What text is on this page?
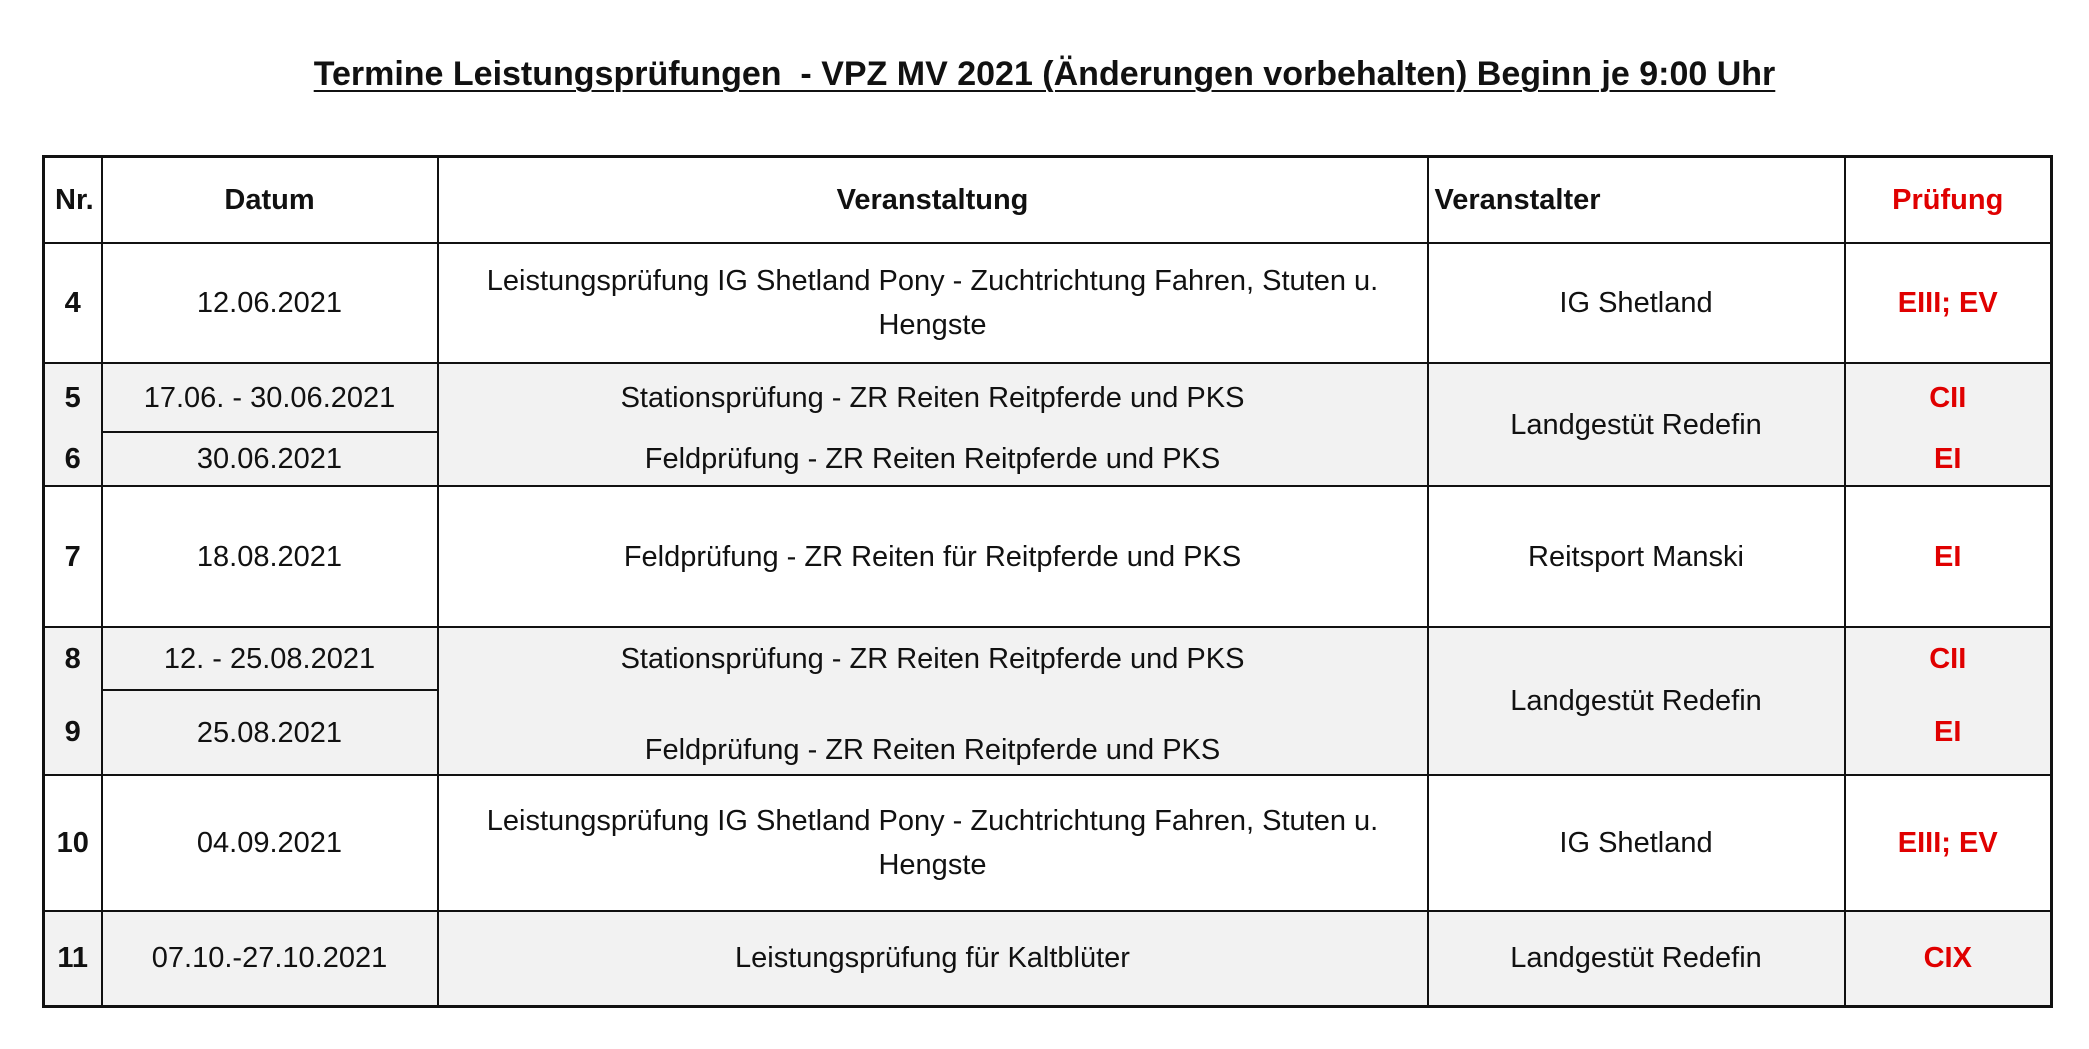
Termine Leistungsprüfungen  - VPZ MV 2021 (Änderungen vorbehalten) Beginn je 9:00 Uhr
Nr.	Datum	Veranstaltung	Veranstalter	Prüfung
4	12.06.2021	Leistungsprüfung IG Shetland Pony - Zuchtrichtung Fahren, Stuten u. Hengste	IG Shetland	EIII; EV
5	17.06. - 30.06.2021	Stationsprüfung - ZR Reiten Reitpferde und PKS	Landgestüt Redefin	CII
6	30.06.2021	Feldprüfung - ZR Reiten Reitpferde und PKS		EI
7	18.08.2021	Feldprüfung - ZR Reiten für Reitpferde und PKS	Reitsport Manski	EI
8	12. - 25.08.2021	Stationsprüfung - ZR Reiten Reitpferde und PKS	Landgestüt Redefin	CII
9	25.08.2021	Feldprüfung - ZR Reiten Reitpferde und PKS		EI
10	04.09.2021	Leistungsprüfung IG Shetland Pony - Zuchtrichtung Fahren, Stuten u. Hengste	IG Shetland	EIII; EV
11	07.10.-27.10.2021	Leistungsprüfung für Kaltblüter	Landgestüt Redefin	CIX
